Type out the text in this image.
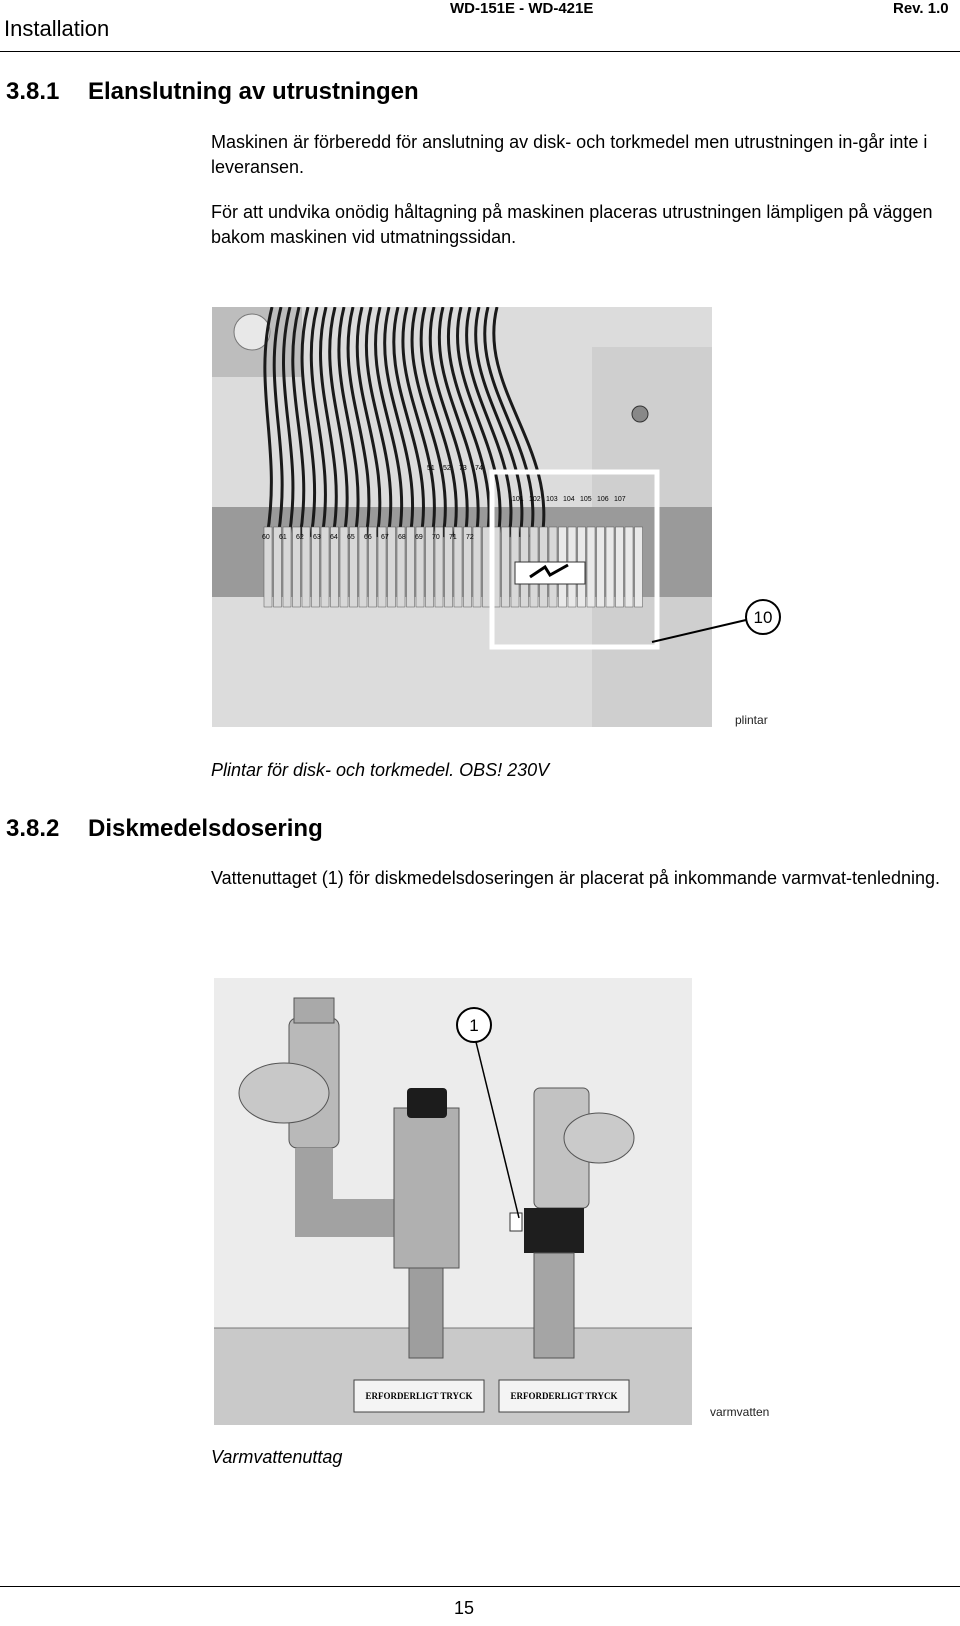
Installation
WD-151E - WD-421E	Rev. 1.0
3.8.1 Elanslutning av utrustningen
Maskinen är förberedd för anslutning av disk- och torkmedel men utrustningen in-går inte i leveransen.
För att undvika onödig håltagning på maskinen placeras utrustningen lämpligen på väggen bakom maskinen vid utmatningssidan.
101 102 103 104 105 106 107
60 61 62 63 64 65 66 67 68 69 70 71 72
51 52 73 74
10
plintar
Plintar för disk- och torkmedel. OBS! 230V
3.8.2 Diskmedelsdosering
Vattenuttaget (1) för diskmedelsdoseringen är placerat på inkommande varmvat-tenledning.
ERFORDERLIGT TRYCK	ERFORDERLIGT TRYCK
1
varmvatten
Varmvattenuttag
15
